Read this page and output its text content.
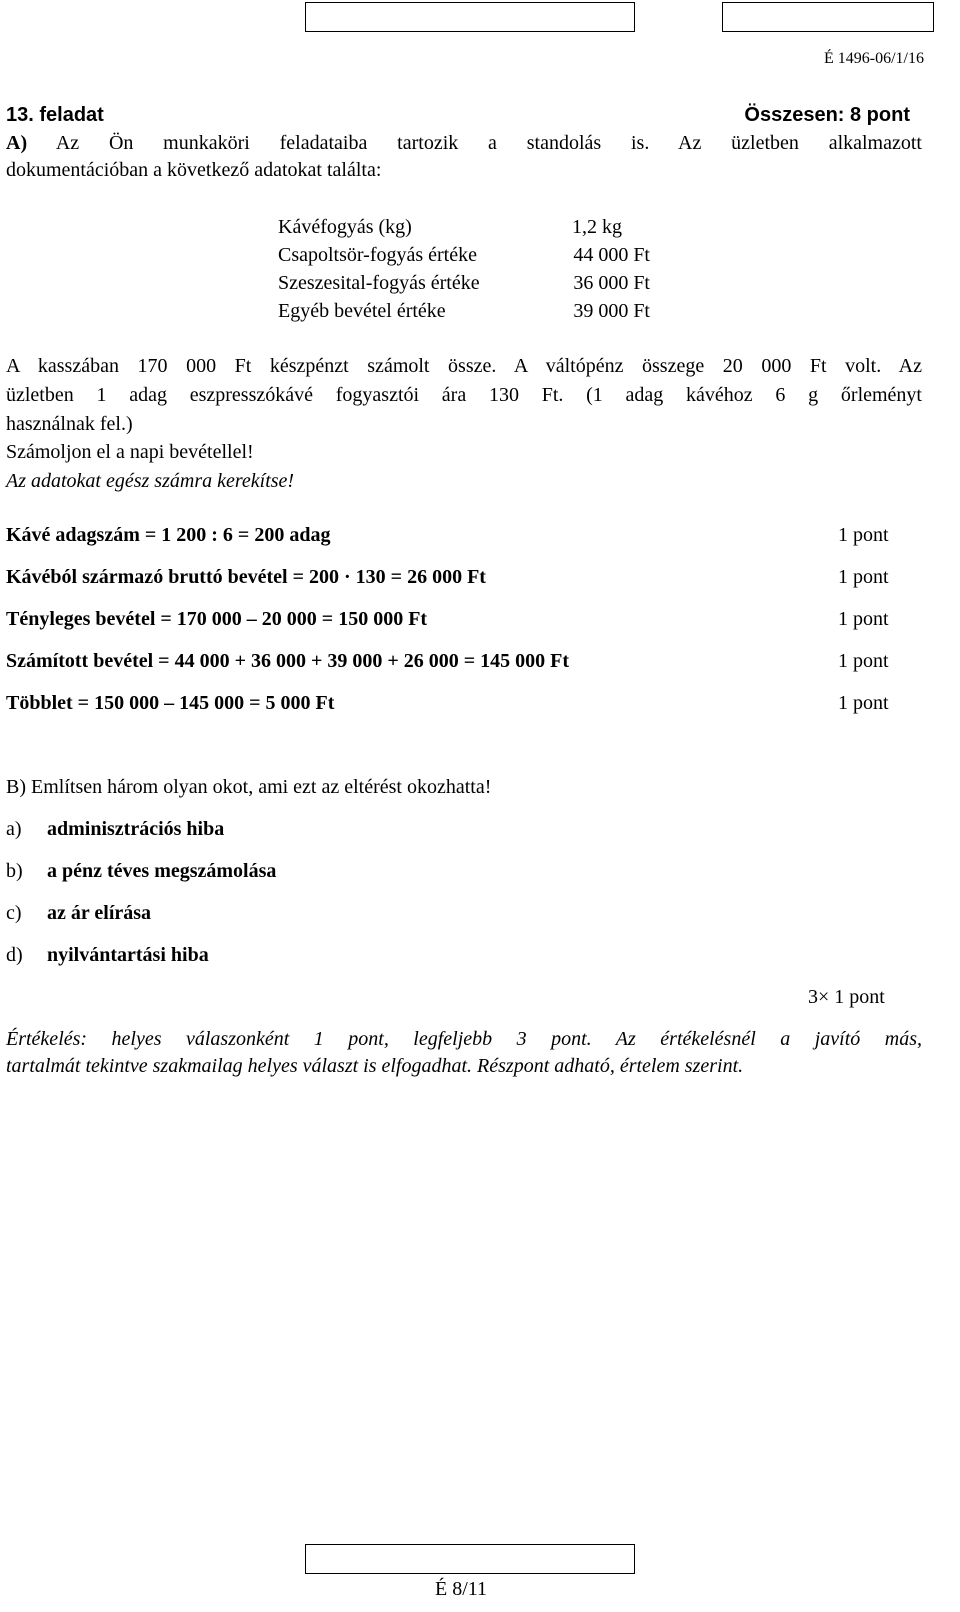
É 1496-06/1/16
13. feladat	Összesen: 8 pont
A) Az Ön munkaköri feladataiba tartozik a standolás is. Az üzletben alkalmazott
dokumentációban a következő adatokat találta:
Kávéfogyás (kg)	1,2 kg
Csapoltsör-fogyás értéke	44 000 Ft
Szeszesital-fogyás értéke	36 000 Ft
Egyéb bevétel értéke	39 000 Ft
A kasszában 170 000 Ft készpénzt számolt össze. A váltópénz összege 20 000 Ft volt. Az
üzletben 1 adag eszpresszókávé fogyasztói ára 130 Ft. (1 adag kávéhoz 6 g őrleményt
használnak fel.)
Számoljon el a napi bevétellel!
Az adatokat egész számra kerekítse!
Kávé adagszám = 1 200 : 6 = 200 adag	1 pont
Kávéból származó bruttó bevétel = 200 · 130 = 26 000 Ft	1 pont
Tényleges bevétel = 170 000 – 20 000 = 150 000 Ft	1 pont
Számított bevétel = 44 000 + 36 000 + 39 000 + 26 000 = 145 000 Ft	1 pont
Többlet = 150 000 – 145 000 = 5 000 Ft	1 pont
B) Említsen három olyan okot, ami ezt az eltérést okozhatta!
a) adminisztrációs hiba
b) a pénz téves megszámolása
c) az ár elírása
d) nyilvántartási hiba
3× 1 pont
Értékelés: helyes válaszonként 1 pont, legfeljebb 3 pont. Az értékelésnél a javító más,
tartalmát tekintve szakmailag helyes választ is elfogadhat. Részpont adható, értelem szerint.
É 8/11
